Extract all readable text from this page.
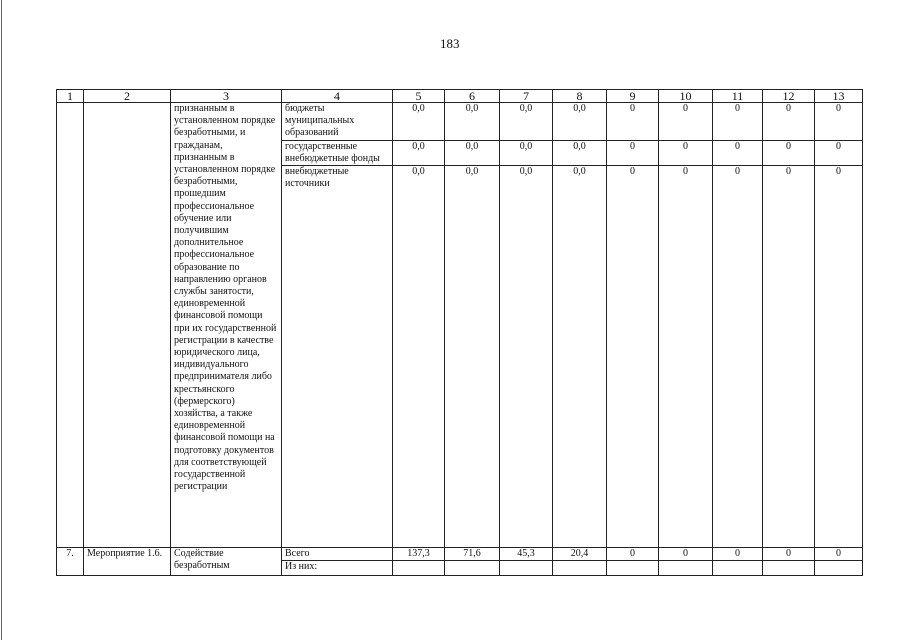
183
1	2	3	4	5	6	7	8	9	10	11	12	13
		признанным в установленном порядке безработными, и гражданам, признанным в установленном порядке безработными, прошедшим профессиональное обучение или получившим дополнительное профессиональное образование по направлению органов службы занятости, единовременной финансовой помощи при их государственной регистрации в качестве юридического лица, индивидуального предпринимателя либо крестьянского (фермерского) хозяйства, а также единовременной финансовой помощи на подготовку документов для соответствующей государственной регистрации	бюджеты муниципальных образований	0,0	0,0	0,0	0,0	0	0	0	0	0
			государственные внебюджетные фонды	0,0	0,0	0,0	0,0	0	0	0	0	0
			внебюджетные источники	0,0	0,0	0,0	0,0	0	0	0	0	0
7.	Мероприятие 1.6.	Содействие безработным	Всего	137,3	71,6	45,3	20,4	0	0	0	0	0
			Из них:									
